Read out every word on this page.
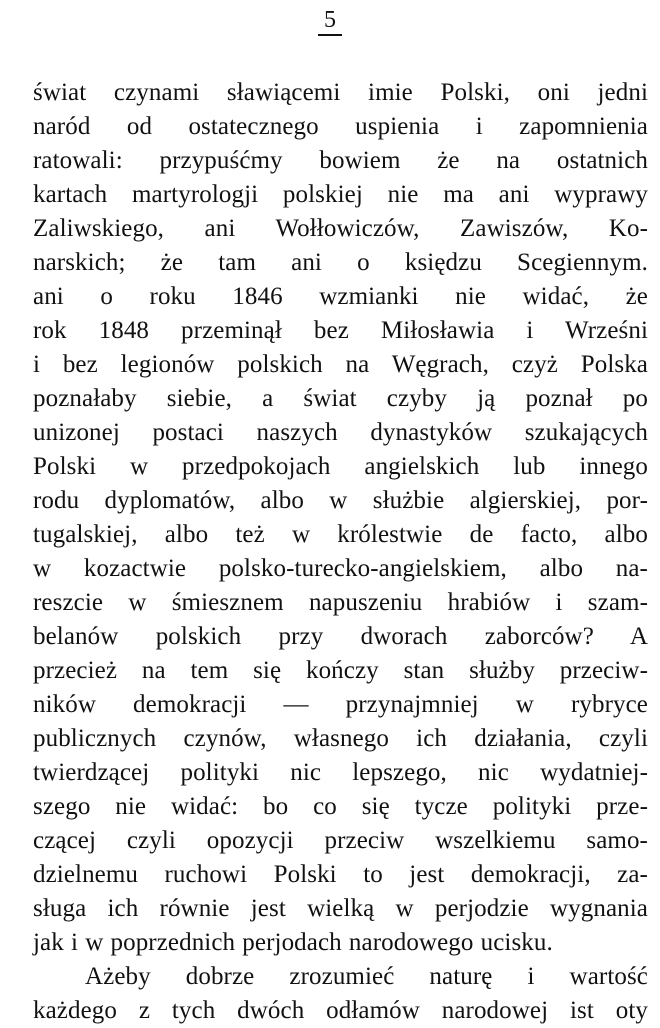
5
świat czynami sławiącemi imie Polski, oni jedni
naród od ostatecznego uspienia i zapomnienia
ratowali: przypuśćmy bowiem że na ostatnich
kartach martyrologji polskiej nie ma ani wyprawy
Zaliwskiego, ani Wołłowiczów, Zawiszów, Ko-
narskich; że tam ani o księdzu Scegiennym.
ani o roku 1846 wzmianki nie widać, że
rok 1848 przeminął bez Miłosławia i Wrześni
i bez legionów polskich na Węgrach, czyż Polska
poznałaby siebie, a świat czyby ją poznał po
unizonej postaci naszych dynastyków szukających
Polski w przedpokojach angielskich lub innego
rodu dyplomatów, albo w służbie algierskiej, por-
tugalskiej, albo też w królestwie de facto, albo
w kozactwie polsko-turecko-angielskiem, albo na-
reszcie w śmiesznem napuszeniu hrabiów i szam-
belanów polskich przy dworach zaborców? A
przecież na tem się kończy stan służby przeciw-
ników demokracji — przynajmniej w rybryce
publicznych czynów, własnego ich działania, czyli
twierdzącej polityki nic lepszego, nic wydatniej-
szego nie widać: bo co się tycze polityki prze-
czącej czyli opozycji przeciw wszelkiemu samo-
dzielnemu ruchowi Polski to jest demokracji, za-
sługa ich równie jest wielką w perjodzie wygnania
jak i w poprzednich perjodach narodowego ucisku.
Ażeby dobrze zrozumieć naturę i wartość
każdego z tych dwóch odłamów narodowej ist oty
